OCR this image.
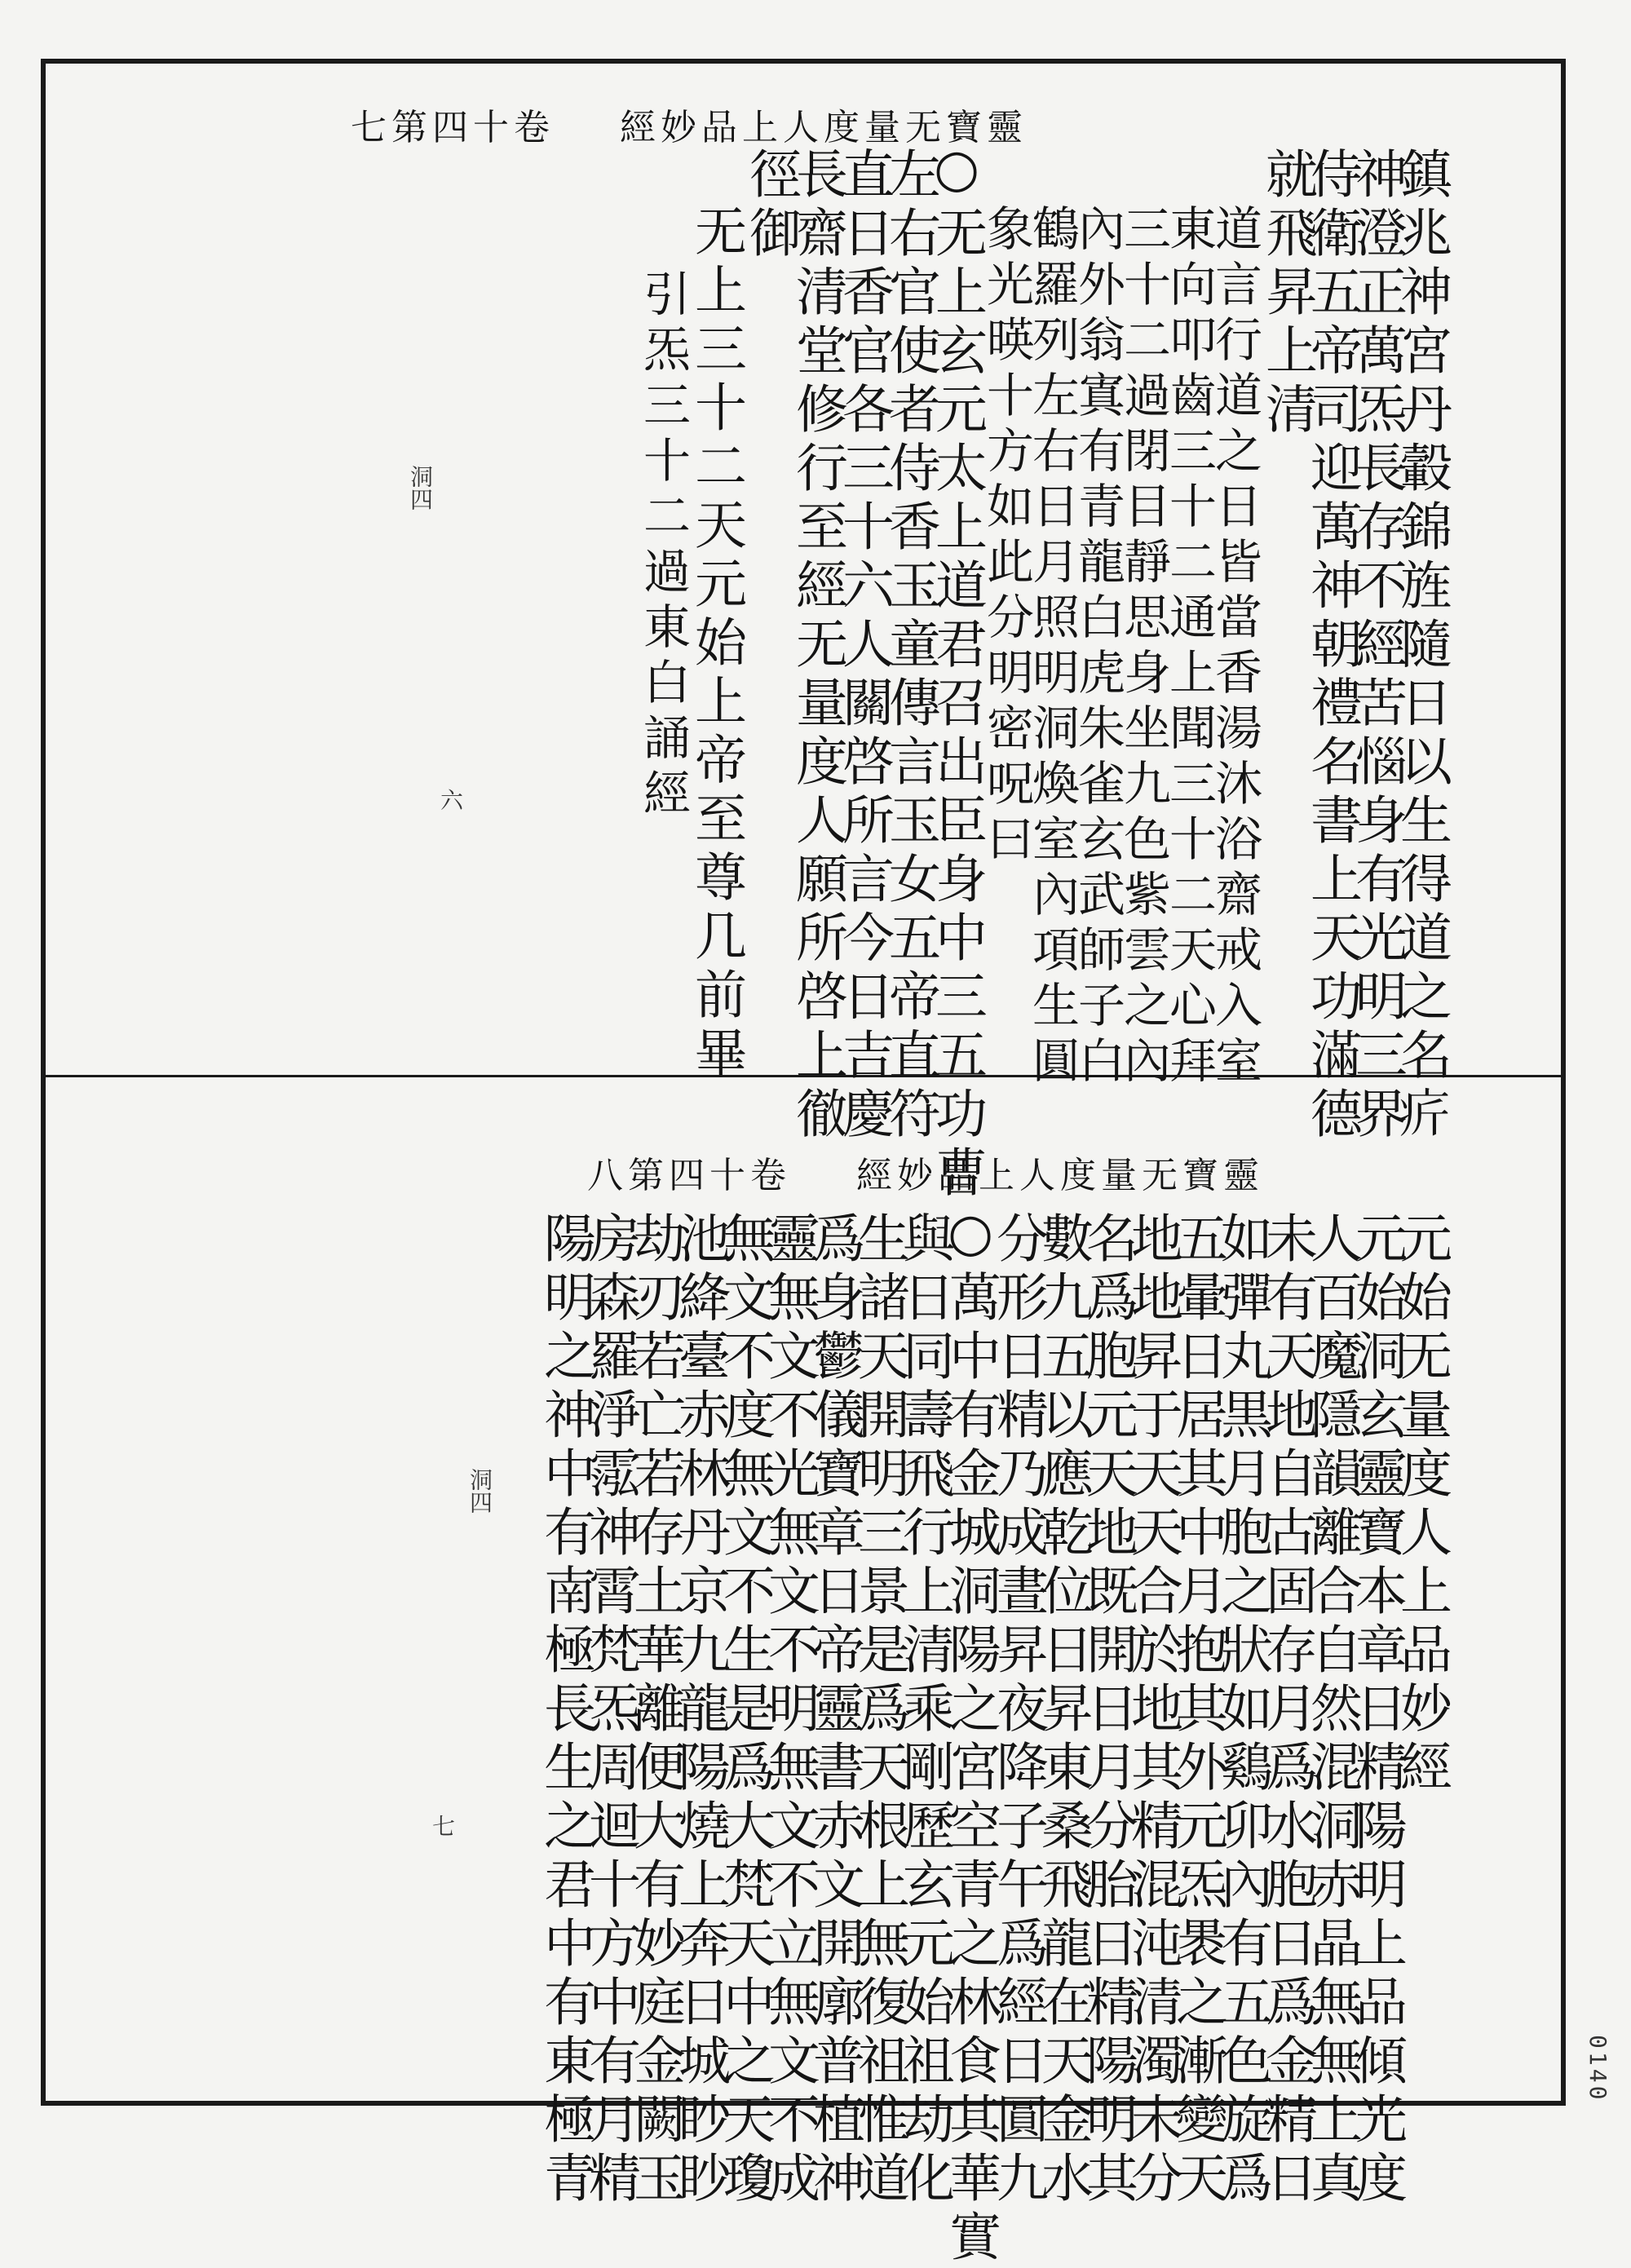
七第四十卷 經妙品上人度量无寶靈
鎮兆神宮丹轂錦旌隨日以生得道之名𤴾
神澄正萬炁長存不經苦惱身有光明三界
侍衛五帝司迎萬神朝禮名書上天功滿德
就飛昇上清
道言行道之日皆當香湯沐浴齋戒入室
東向叩齒三十二通上聞三十二天心拜
三十二過閉目靜思身坐九色紫雲之內
內外翁寘有青龍白虎朱雀玄武師子白
鶴羅列左右日月照明洞煥室內項生圓
象光暎十方如此分明密呪曰
○无上玄元太上道君召出臣身中三五功曹
左右官使者侍香玉童傳言玉女五帝直符
直日香官各三十六人關啓所言今日吉慶
長齋清堂修行至經无量度人願所啓上徹
徑御
无上三十二天元始上帝至尊几前畢
引炁三十二過東白誦經
洞四
六
八第四十卷 經妙品上人度量无寶靈
元始无量度人上品妙經
元始洞玄靈寶本章日精陽明上品傾光度
人百魔隱韻離合自然混洞赤晶無無上真
未有天地自古固存月爲水胞日爲金精日
如彈丸黒月胞之狀如鷄卯內有五色旋爲
五暈日居其中月抱其外元炁褁之漸變天
地地昇于天天合於地其精混沌清濁未分
名爲胞元天地既開日月分胎日精陽明其
數九五以應乾位日昇東桑飛龍在天金水
分形日精乃成晝昇夜降子午爲經日圓九
○萬中有金城洞陽之宮空青之林食其華實
與日同壽飛行上清乘剛歷玄元始祖劫化
生諸天開明三景是爲天根上無復祖惟道
爲身鬱儀寶章日帝靈書赤文開廓普植神
靈無文不光無文不明無文不立無文不成
無文不度無文不生是爲大梵天中之天瓊
池絳臺赤林丹京九龍陽燒上奔日城眇眇
劫刃若亡若存土華離便大有妙庭金闕玉
房森羅淨霐神霄梵炁周迴十方中有月精
陽明之神中有南極長生之君中有東極青
洞四
七
0140
